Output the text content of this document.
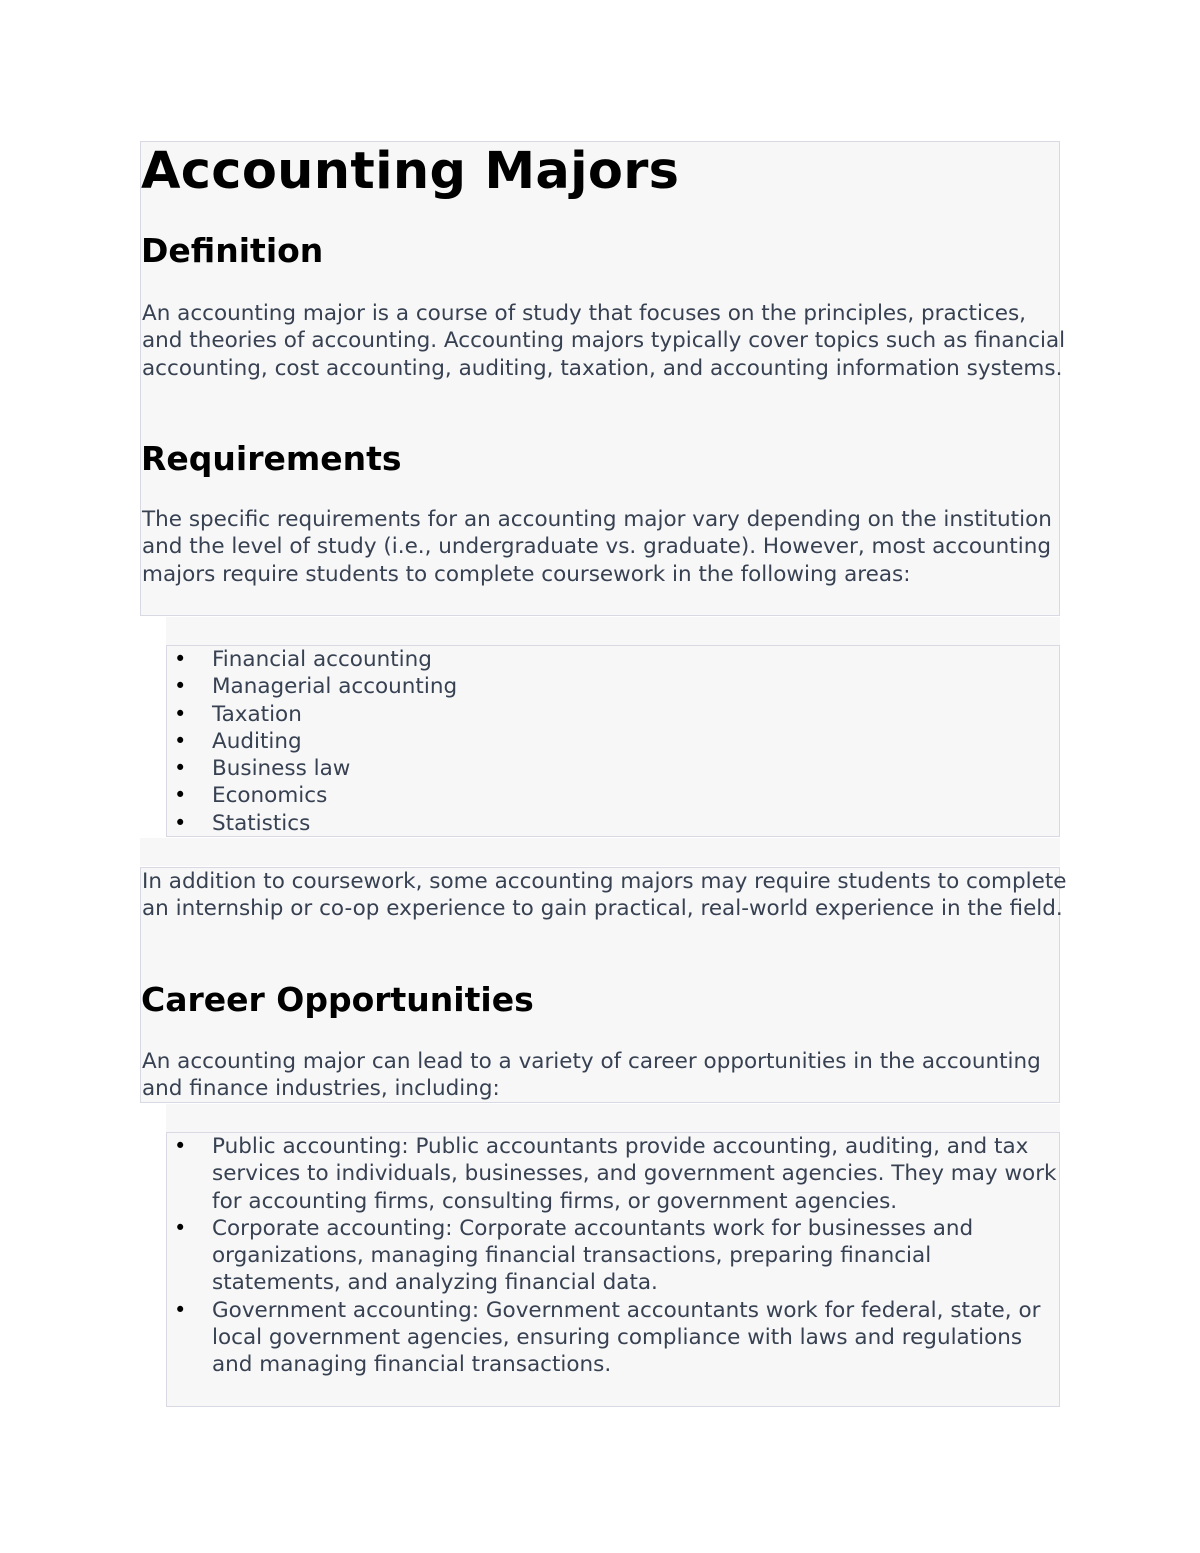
Accounting Majors
Definition

An accounting major is a course of study that focuses on the principles, practices, and theories of accounting. Accounting majors typically cover topics such as financial accounting, cost accounting, auditing, taxation, and accounting information systems.

Requirements

The specific requirements for an accounting major vary depending on the institution and the level of study (i.e., undergraduate vs. graduate). However, most accounting majors require students to complete coursework in the following areas:

• Financial accounting
• Managerial accounting
• Taxation
• Auditing
• Business law
• Economics
• Statistics

In addition to coursework, some accounting majors may require students to complete an internship or co-op experience to gain practical, real-world experience in the field.

Career Opportunities

An accounting major can lead to a variety of career opportunities in the accounting and finance industries, including:

• Public accounting: Public accountants provide accounting, auditing, and tax services to individuals, businesses, and government agencies. They may work for accounting firms, consulting firms, or government agencies.
• Corporate accounting: Corporate accountants work for businesses and organizations, managing financial transactions, preparing financial statements, and analyzing financial data.
• Government accounting: Government accountants work for federal, state, or local government agencies, ensuring compliance with laws and regulations and managing financial transactions.
